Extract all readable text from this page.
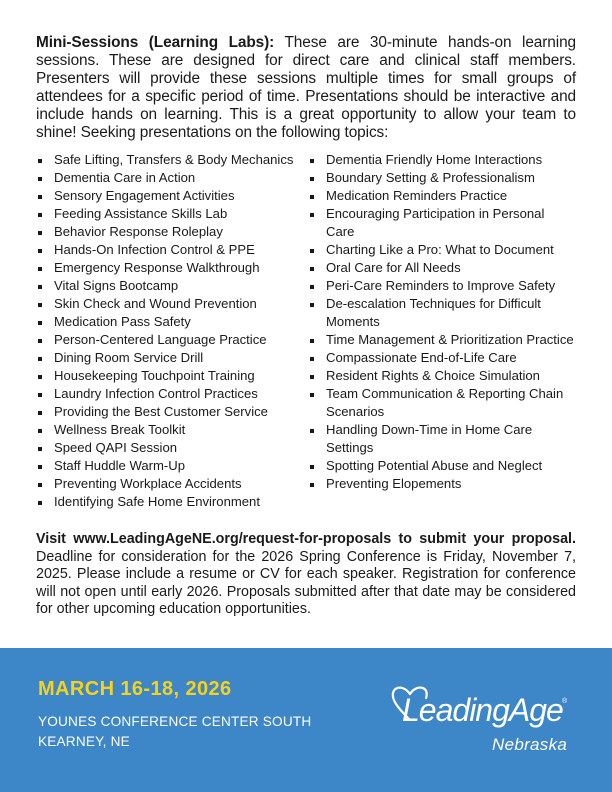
Mini-Sessions (Learning Labs): These are 30-minute hands-on learning sessions. These are designed for direct care and clinical staff members. Presenters will provide these sessions multiple times for small groups of attendees for a specific period of time. Presentations should be interactive and include hands on learning. This is a great opportunity to allow your team to shine! Seeking presentations on the following topics:

Safe Lifting, Transfers & Body Mechanics
Dementia Care in Action
Sensory Engagement Activities
Feeding Assistance Skills Lab
Behavior Response Roleplay
Hands-On Infection Control & PPE
Emergency Response Walkthrough
Vital Signs Bootcamp
Skin Check and Wound Prevention
Medication Pass Safety
Person-Centered Language Practice
Dining Room Service Drill
Housekeeping Touchpoint Training
Laundry Infection Control Practices
Providing the Best Customer Service
Wellness Break Toolkit
Speed QAPI Session
Staff Huddle Warm-Up
Preventing Workplace Accidents
Identifying Safe Home Environment
Dementia Friendly Home Interactions
Boundary Setting & Professionalism
Medication Reminders Practice
Encouraging Participation in Personal Care
Charting Like a Pro: What to Document
Oral Care for All Needs
Peri-Care Reminders to Improve Safety
De-escalation Techniques for Difficult Moments
Time Management & Prioritization Practice
Compassionate End-of-Life Care
Resident Rights & Choice Simulation
Team Communication & Reporting Chain Scenarios
Handling Down-Time in Home Care Settings
Spotting Potential Abuse and Neglect
Preventing Elopements

Visit www.LeadingAgeNE.org/request-for-proposals to submit your proposal. Deadline for consideration for the 2026 Spring Conference is Friday, November 7, 2025. Please include a resume or CV for each speaker. Registration for conference will not open until early 2026. Proposals submitted after that date may be considered for other upcoming education opportunities.

MARCH 16-18, 2026

YOUNES CONFERENCE CENTER SOUTH
KEARNEY, NE

LeadingAge ®
Nebraska
